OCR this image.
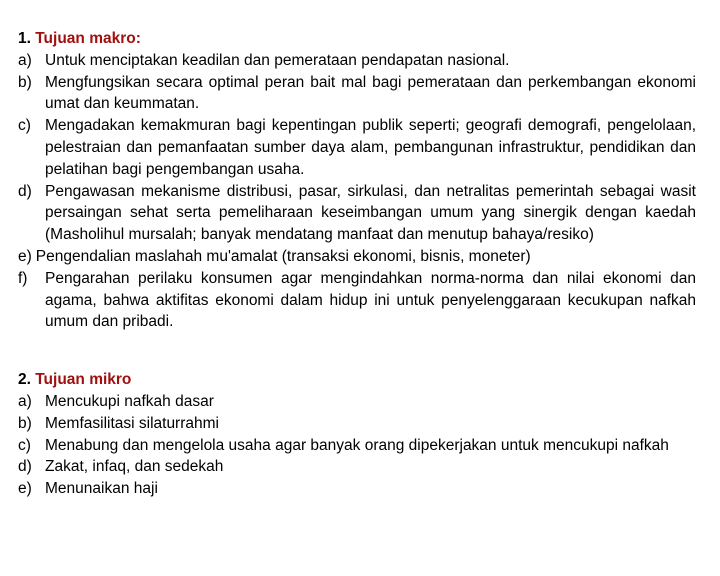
1. Tujuan makro:

a) Untuk menciptakan keadilan dan pemerataan pendapatan nasional.
b) Mengfungsikan secara optimal peran bait mal bagi pemerataan dan perkembangan ekonomi umat dan keummatan.
c) Mengadakan kemakmuran bagi kepentingan publik seperti; geografi demografi, pengelolaan, pelestraian dan pemanfaatan sumber daya alam, pembangunan infrastruktur, pendidikan dan pelatihan bagi pengembangan usaha.
d) Pengawasan mekanisme distribusi, pasar, sirkulasi, dan netralitas pemerintah sebagai wasit persaingan sehat serta pemeliharaan keseimbangan umum yang sinergik dengan kaedah (Masholihul mursalah; banyak mendatang manfaat dan menutup bahaya/resiko)
e) Pengendalian maslahah mu'amalat (transaksi ekonomi, bisnis, moneter)
f)	Pengarahan perilaku konsumen agar mengindahkan norma-norma dan nilai ekonomi dan agama, bahwa aktifitas ekonomi dalam hidup ini untuk penyelenggaraan kecukupan nafkah umum dan pribadi.

2. Tujuan mikro

a) Mencukupi nafkah dasar
b) Memfasilitasi silaturrahmi
c) Menabung dan mengelola usaha agar banyak orang dipekerjakan untuk mencukupi nafkah
d) Zakat, infaq, dan sedekah
e) Menunaikan haji
